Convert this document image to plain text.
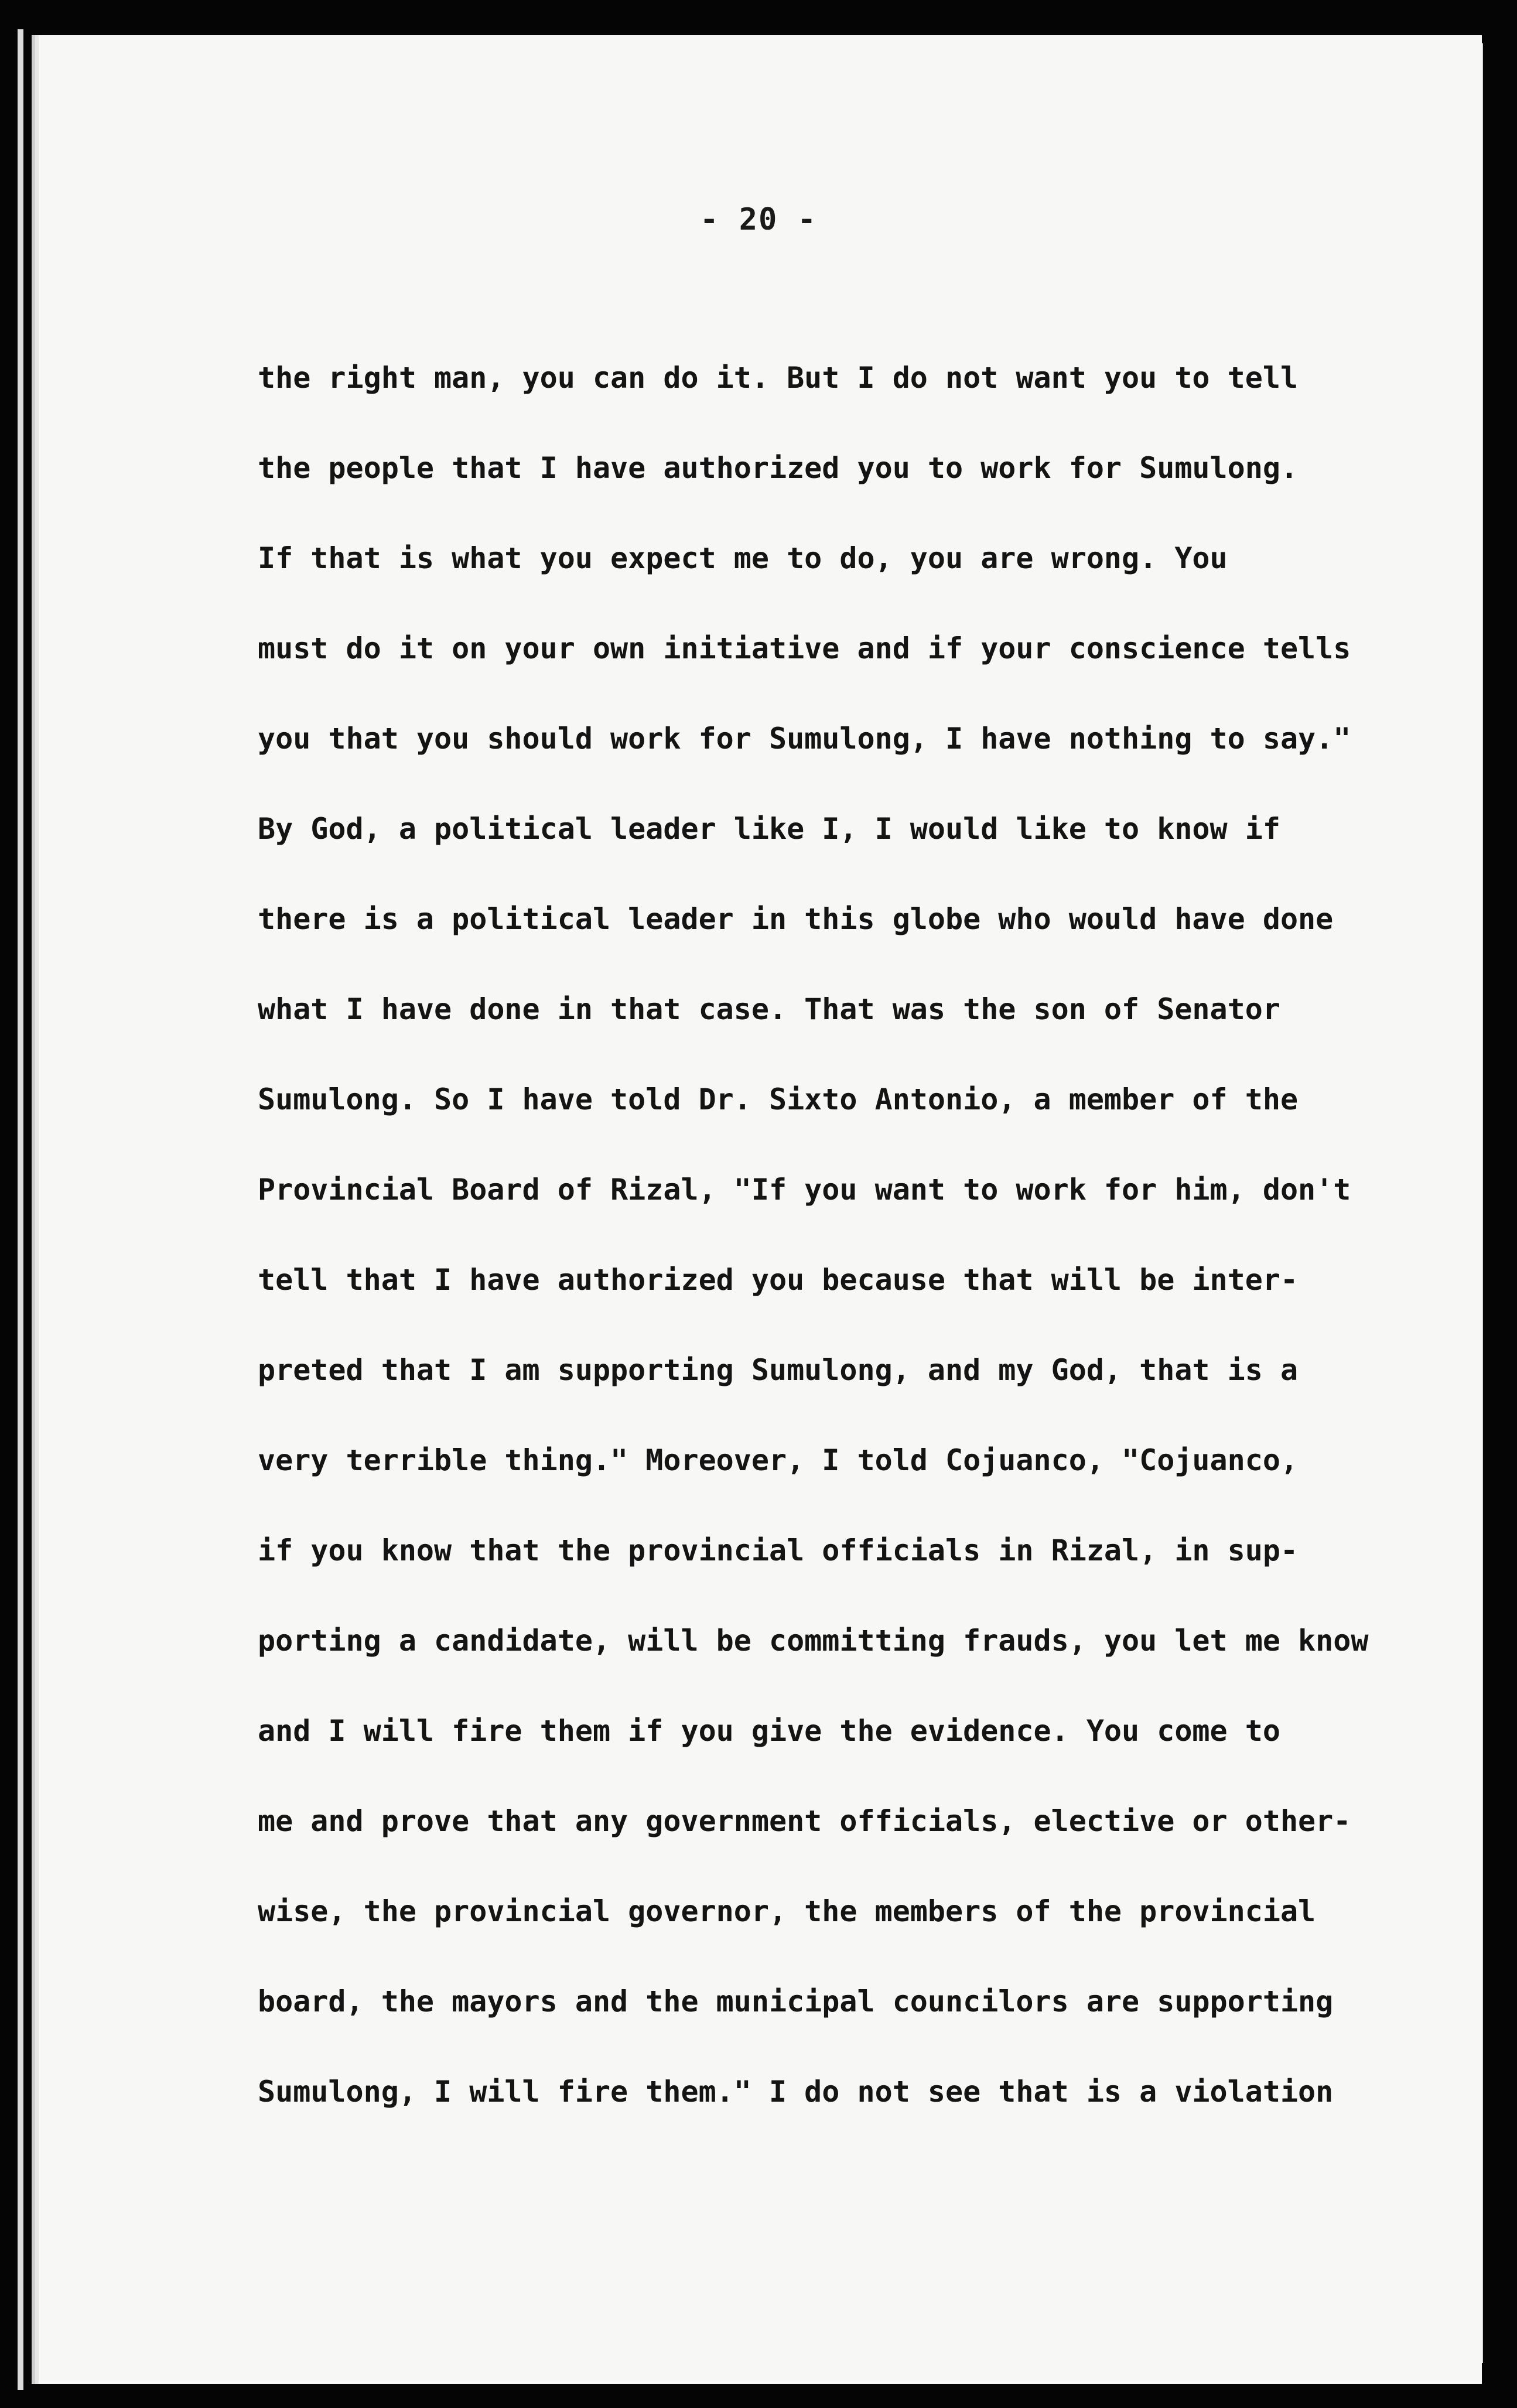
- 20 -
the right man, you can do it. But I do not want you to tell
the people that I have authorized you to work for Sumulong.
If that is what you expect me to do, you are wrong. You
must do it on your own initiative and if your conscience tells
you that you should work for Sumulong, I have nothing to say."
By God, a political leader like I, I would like to know if
there is a political leader in this globe who would have done
what I have done in that case. That was the son of Senator
Sumulong. So I have told Dr. Sixto Antonio, a member of the
Provincial Board of Rizal, "If you want to work for him, don't
tell that I have authorized you because that will be inter-
preted that I am supporting Sumulong, and my God, that is a
very terrible thing." Moreover, I told Cojuanco, "Cojuanco,
if you know that the provincial officials in Rizal, in sup-
porting a candidate, will be committing frauds, you let me know
and I will fire them if you give the evidence. You come to
me and prove that any government officials, elective or other-
wise, the provincial governor, the members of the provincial
board, the mayors and the municipal councilors are supporting
Sumulong, I will fire them." I do not see that is a violation
